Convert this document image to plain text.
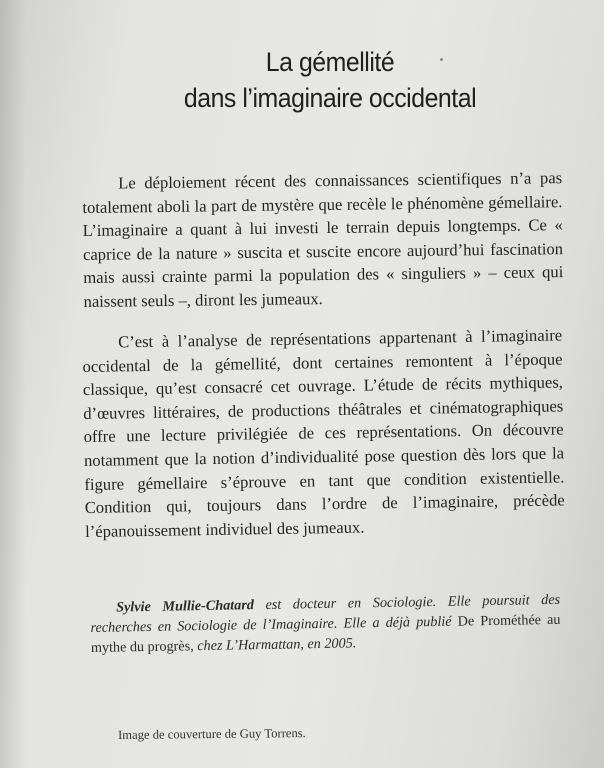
La gémellité
dans l’imaginaire occidental
Le déploiement récent des connaissances scientifiques n’a pas totalement aboli la part de mystère que recèle le phénomène gémellaire. L’imaginaire a quant à lui investi le terrain depuis longtemps. Ce « caprice de la nature » suscita et suscite encore aujourd’hui fascination mais aussi crainte parmi la population des « singuliers » – ceux qui naissent seuls –, diront les jumeaux.
C’est à l’analyse de représentations appartenant à l’imaginaire occidental de la gémellité, dont certaines remontent à l’époque classique, qu’est consacré cet ouvrage. L’étude de récits mythiques, d’œuvres littéraires, de productions théâtrales et cinématographiques offre une lecture privilégiée de ces représentations. On découvre notamment que la notion d’individualité pose question dès lors que la figure gémellaire s’éprouve en tant que condition existentielle. Condition qui, toujours dans l’ordre de l’imaginaire, précède l’épanouissement individuel des jumeaux.
Sylvie Mullie-Chatard est docteur en Sociologie. Elle poursuit des recherches en Sociologie de l’Imaginaire. Elle a déjà publié De Prométhée au mythe du progrès, chez L’Harmattan, en 2005.
Image de couverture de Guy Torrens.
